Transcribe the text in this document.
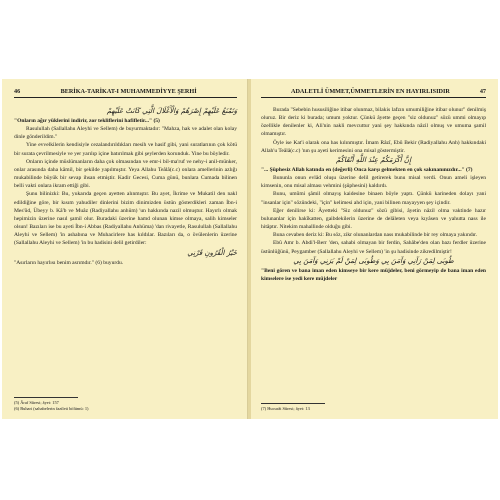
46	BERİKA-TARİKAT-I MUHAMMEDİYYE ŞERHİ
وَتَمْنَعُ عَلَيْهِمْ إِصْرَهُمْ وَالْأَغْلَالَ الَّتِي كَانَتْ عَلَيْهِمْ

"Onların ağır yüklerini indirir, zor tekliflerini hafifletir..." (5)

Rasulullah (Sallallahu Aleyhi ve Sellem) de buyurmaktadır: "Mahza, hak ve adalet olan kolay dinle gönderildim."

Yine evvelkilerin kendisiyle cezalandırıldıkları mesih ve hasif gibi, yani suratlarının çok kötü bir surata çevrilmesiyle ve yer yarılıp içine batırılmak gibi şeylerden korunduk. Yine bu böyledir.

Onların içinde müslümanların daha çok olmasından ve emr-i bil-ma'ruf ve nehy-i anil-münker, onlar arasında daha kâmil, bir şekilde yapılmıştır. Yeya Allahu Teâlâ(c.c) onlara amellerinin azlığı mukabilinde büyük bir sevap ihsan etmiştir. Kadir Gecesi, Cuma günü, bunlara Cumada bilinen belli vakti onlara ikram ettiği gibi.

Şunu bilinizki: Bu, yukarıda geçen ayetten alınmıştır. Bu ayet, İkrime ve Mukatil den nakl edildiğine göre, bir kısım yahudiler dinlerini bizim dinimizden üstün gösterdikleri zaman İbn-i Mes'ûd, Übeyy b. Kâ'b ve Muâz (Radiyallahu anhüm) 'un hakkında nazil olmuştur. Hayırlı olmak hepimizin üzerine nasıl şamil olur. Buradaki üzerine hamd olunan kimse olmaya, salih kimseler olsun! Bazıları ise bu ayeti İbn-i Abbas (Radiyallahu Anhüma) 'dan rivayetle, Rasulullah (Sallallahu Aleyhi ve Sellem) 'in ashabına ve Muhacirlere has kıldılar. Bazıları da, o övülenlerin üzerine (Sallallahu Aleyhi ve Sellem) 'in bu hadisini delil getirdiler:

خَيْرُ الْقُرُونِ قَرْنِي

"Asırların hayırlısı benim asrımdır." (6) buyurdu.

(5) Âraf Sûresi; âyet: 157
(6) Buhari (sahabelerin fazileti bölümü: 1)
ADALETLİ ÜMMET,ÜMMETLERİN EN HAYIRLISIDIR	47

Burada "Sebebin hususiliğine itibar olunmaz, bilakis lafzın umumiliğine itibar olunur" denilmiş oluruz. Bir deriz ki burada; umum yoktur. Çünkü âyette geçen "siz oldunuz" sözü ummi olmayıp özellikle denilenler ki, Ali'nin nakli mevcuttur yani şey hakkında nâzil olmuş ve umuma şamil olmamıştır.

Öyle ise Kat'i olarak ona has kılınmıştır. İmam Râzî, Ebû Bekir (Radiyallahu Anh) hakkındaki Allah'u Teâlâ(c.c) 'nın şu ayeti kerimesini ona misal göstermiştir.

إِنَّ أَكْرَمَكُمْ عِنْدَ اللَّهِ أَتْقَاكُمْ

"... Şüphesiz Allah katında en (değerli) Onca karşı gelmekten en çok sakınanınızdır..." (7)

Bununla onun evlâd oluşu üzerine delil getirerek bunu misal verdi. Onun ameli işleyen kimsenin, onu misal alması vehmini (şüphesini) kaldırdı.

Bunu, umûmi şâmil olmayış kaidesine binaen böyle yaptı. Çünkü karineden dolayı yani "insanlar için" sözündeki, "için" kelimesi ahd için, yani bilinen mayayyen şey içindir.

Eğer denilirse ki: Âyetteki "Siz oldunuz" sözü gibisi, âyetin nâzil olma vaktinde hazır bulunanlar için hakîkatten, gaibdekilerin üzerine de delâleten veya kıyâsen ve yahutta nass ile hitâptır. Nitekim mahallinde olduğu gibi.

Buna cevaben deriz ki: Bu söz, zikr olunanlardan nass mukabilinde bir rey olmaya yakındır.

Ebû Amr b. Abdi'l-Berr 'den, sahabi olmayan bir ferdin, Sahâbe'den olan bazı ferdler üzerine üstünlüğünü, Peygamber (Sallallahu Aleyhi ve Sellem) 'in şu hadisinde zikredilmiştir!

طُوبَى لِمَنْ رَآنِي وَآمَنَ بِي وَطُوبَى لِمَنْ لَمْ يَرَنِي وَآمَنَ بِي

"Beni gören ve bana iman eden kimseye bir kere müjdeler, beni görmeyip de bana iman eden kimselere ise yedi kere müjdeler

(7) Hucurât Sûresi; âyet: 13
